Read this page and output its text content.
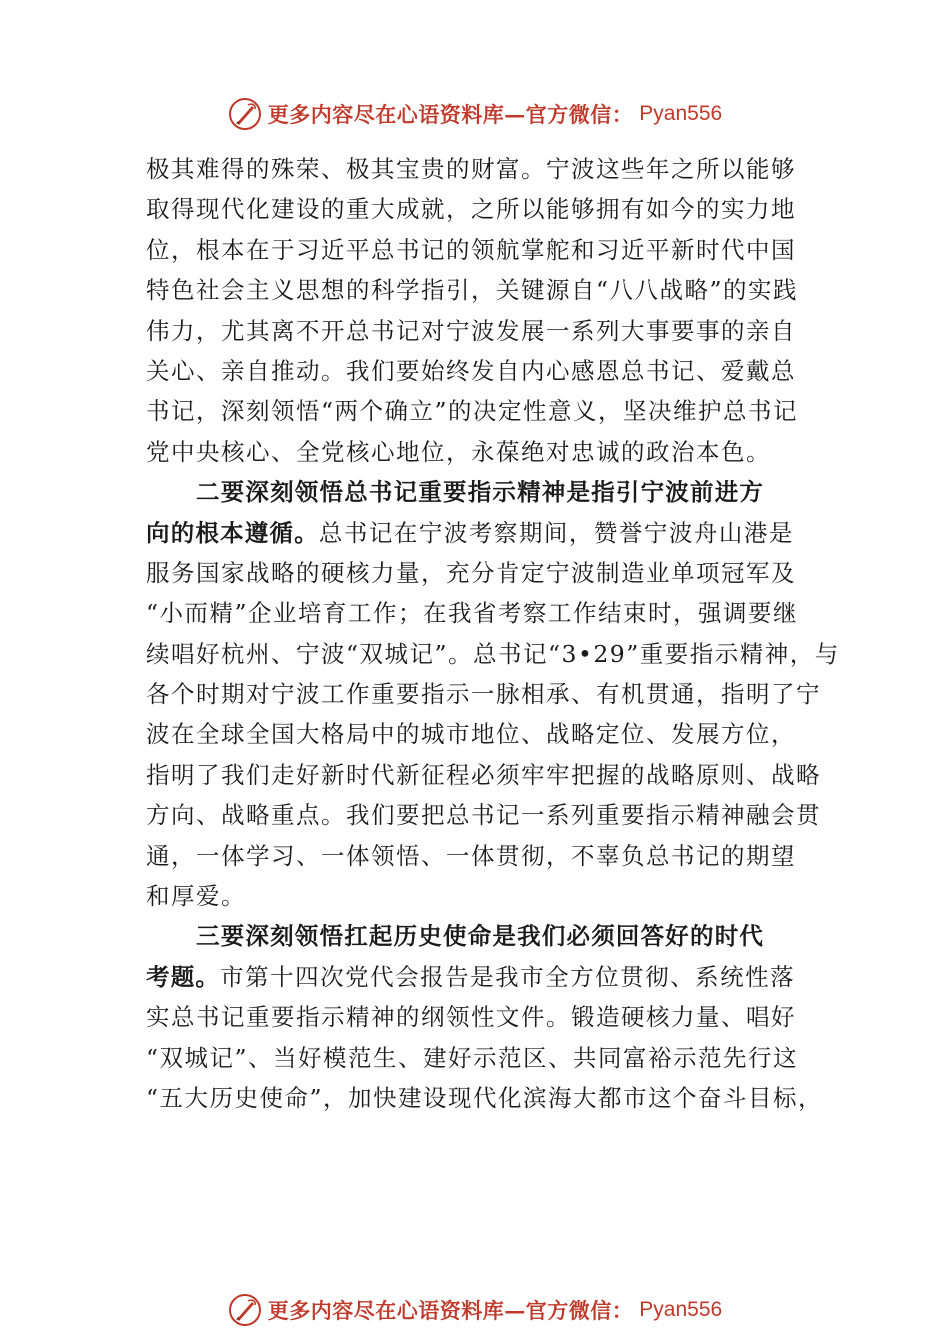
更多内容尽在心语资料库—官方微信： Pyan556
极其难得的殊荣、极其宝贵的财富。宁波这些年之所以能够
取得现代化建设的重大成就，之所以能够拥有如今的实力地
位，根本在于习近平总书记的领航掌舵和习近平新时代中国
特色社会主义思想的科学指引，关键源自“八八战略”的实践
伟力，尤其离不开总书记对宁波发展一系列大事要事的亲自
关心、亲自推动。我们要始终发自内心感恩总书记、爱戴总
书记，深刻领悟“两个确立”的决定性意义，坚决维护总书记
党中央核心、全党核心地位，永葆绝对忠诚的政治本色。
二要深刻领悟总书记重要指示精神是指引宁波前进方
向的根本遵循。总书记在宁波考察期间，赞誉宁波舟山港是
服务国家战略的硬核力量，充分肯定宁波制造业单项冠军及
“小而精”企业培育工作；在我省考察工作结束时，强调要继
续唱好杭州、宁波“双城记”。总书记“3•29”重要指示精神，与
各个时期对宁波工作重要指示一脉相承、有机贯通，指明了宁
波在全球全国大格局中的城市地位、战略定位、发展方位，
指明了我们走好新时代新征程必须牢牢把握的战略原则、战略
方向、战略重点。我们要把总书记一系列重要指示精神融会贯
通，一体学习、一体领悟、一体贯彻，不辜负总书记的期望
和厚爱。
三要深刻领悟扛起历史使命是我们必须回答好的时代
考题。市第十四次党代会报告是我市全方位贯彻、系统性落
实总书记重要指示精神的纲领性文件。锻造硬核力量、唱好
“双城记”、当好模范生、建好示范区、共同富裕示范先行这
“五大历史使命”，加快建设现代化滨海大都市这个奋斗目标，
更多内容尽在心语资料库—官方微信： Pyan556
